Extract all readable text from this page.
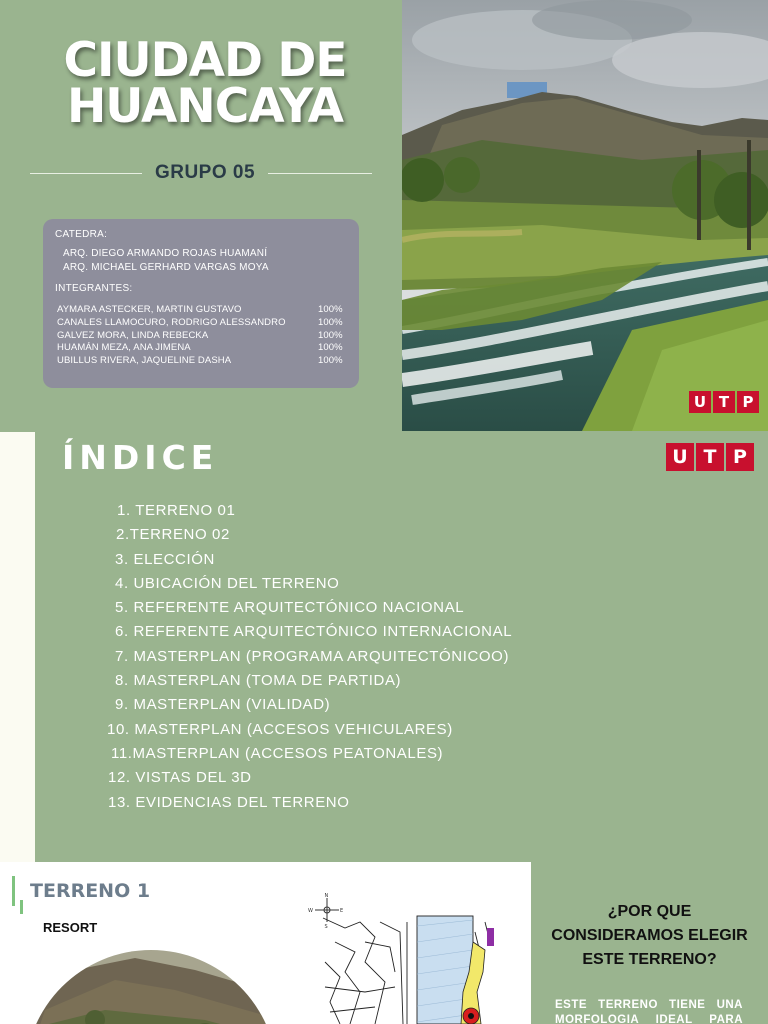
CIUDAD DE
HUANCAYA
GRUPO 05
CATEDRA:
ARQ. DIEGO ARMANDO ROJAS HUAMANÍ
ARQ. MICHAEL GERHARD VARGAS MOYA
INTEGRANTES:
AYMARA ASTECKER, MARTIN GUSTAVO	100%
CANALES LLAMOCURO, RODRIGO ALESSANDRO	100%
GALVEZ MORA, LINDA REBECKA	100%
HUAMÁN MEZA, ANA JIMENA	100%
UBILLUS RIVERA, JAQUELINE DASHA	100%
U T P
ÍNDICE
1. TERRENO 01
2.TERRENO 02
3. ELECCIÓN
4. UBICACIÓN DEL TERRENO
5. REFERENTE ARQUITECTÓNICO NACIONAL
6. REFERENTE ARQUITECTÓNICO INTERNACIONAL
7. MASTERPLAN (PROGRAMA ARQUITECTÓNICOO)
8. MASTERPLAN (TOMA DE PARTIDA)
9. MASTERPLAN (VIALIDAD)
10. MASTERPLAN (ACCESOS VEHICULARES)
11.MASTERPLAN (ACCESOS PEATONALES)
12. VISTAS DEL 3D
13. EVIDENCIAS DEL TERRENO
U T P
TERRENO 1
RESORT
N
S
E
W	¿POR QUE CONSIDERAMOS ELEGIR ESTE TERRENO?

ESTE TERRENO TIENE UNA MORFOLOGIA IDEAL PARA
